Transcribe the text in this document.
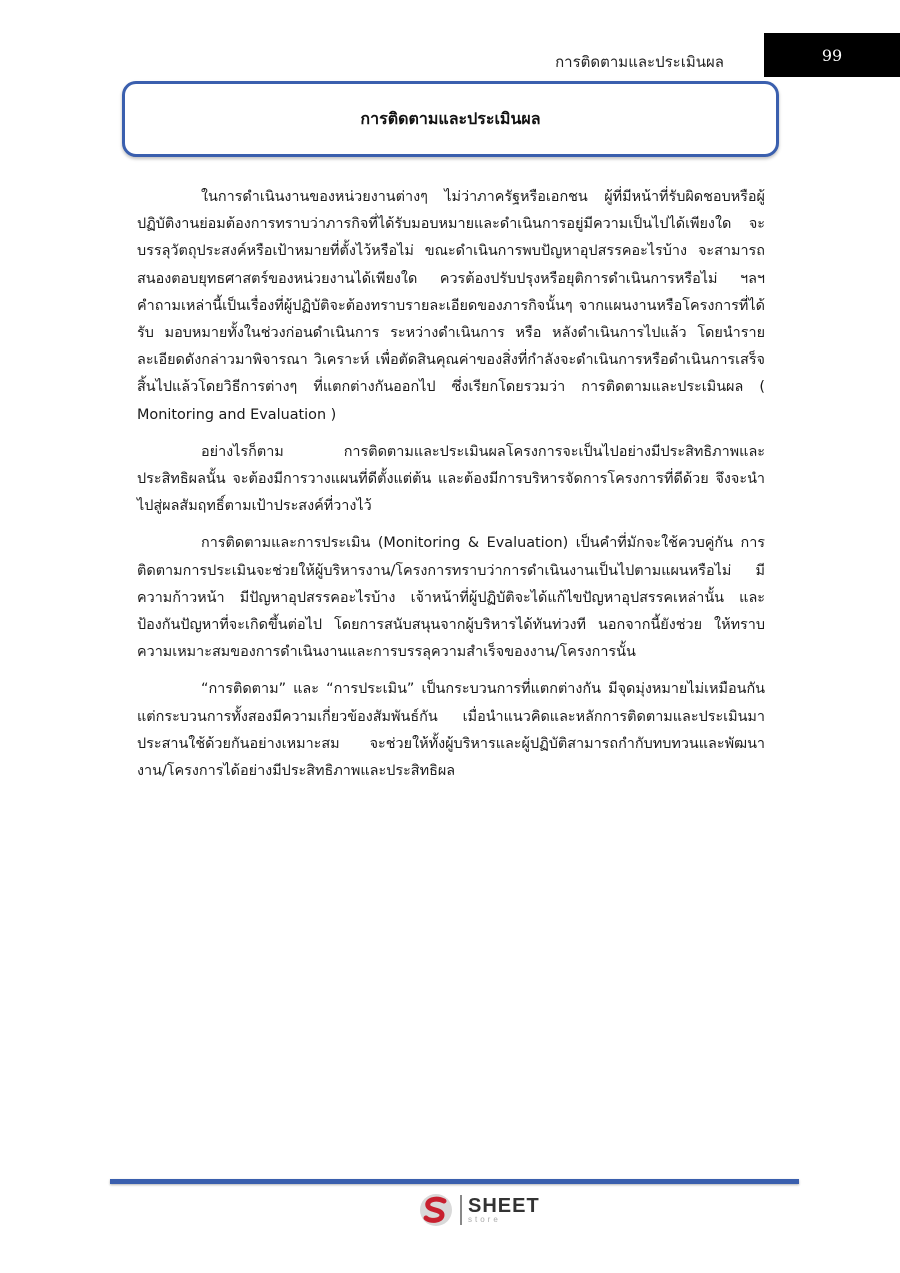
การติดตามและประเมินผล	99
การติดตามและประเมินผล

ในการดำเนินงานของหน่วยงานต่างๆ ไม่ว่าภาครัฐหรือเอกชน ผู้ที่มีหน้าที่รับผิดชอบหรือผู้ปฏิบัติงานย่อมต้องการทราบว่าภารกิจที่ได้รับมอบหมายและดำเนินการอยู่มีความเป็นไปได้เพียงใด จะบรรลุวัตถุประสงค์หรือเป้าหมายที่ตั้งไว้หรือไม่ ขณะดำเนินการพบปัญหาอุปสรรคอะไรบ้าง จะสามารถสนองตอบยุทธศาสตร์ของหน่วยงานได้เพียงใด ควรต้องปรับปรุงหรือยุติการดำเนินการหรือไม่ ฯลฯ คำถามเหล่านี้เป็นเรื่องที่ผู้ปฏิบัติจะต้องทราบรายละเอียดของภารกิจนั้นๆ จากแผนงานหรือโครงการที่ได้รับ มอบหมายทั้งในช่วงก่อนดำเนินการ ระหว่างดำเนินการ หรือ หลังดำเนินการไปแล้ว โดยนำรายละเอียดดังกล่าวมาพิจารณา วิเคราะห์ เพื่อตัดสินคุณค่าของสิ่งที่กำลังจะดำเนินการหรือดำเนินการเสร็จสิ้นไปแล้วโดยวิธีการต่างๆ ที่แตกต่างกันออกไป ซึ่งเรียกโดยรวมว่า การติดตามและประเมินผล ( Monitoring and Evaluation )

อย่างไรก็ตาม การติดตามและประเมินผลโครงการจะเป็นไปอย่างมีประสิทธิภาพและประสิทธิผลนั้น จะต้องมีการวางแผนที่ดีตั้งแต่ต้น และต้องมีการบริหารจัดการโครงการที่ดีด้วย จึงจะนำไปสู่ผลสัมฤทธิ์ตามเป้าประสงค์ที่วางไว้

การติดตามและการประเมิน (Monitoring & Evaluation) เป็นคำที่มักจะใช้ควบคู่กัน การติดตามการประเมินจะช่วยให้ผู้บริหารงาน/โครงการทราบว่าการดำเนินงานเป็นไปตามแผนหรือไม่ มีความก้าวหน้า มีปัญหาอุปสรรคอะไรบ้าง เจ้าหน้าที่ผู้ปฏิบัติจะได้แก้ไขปัญหาอุปสรรคเหล่านั้น และป้องกันปัญหาที่จะเกิดขึ้นต่อไป โดยการสนับสนุนจากผู้บริหารได้ทันท่วงที นอกจากนี้ยังช่วย ให้ทราบความเหมาะสมของการดำเนินงานและการบรรลุความสำเร็จของงาน/โครงการนั้น

“การติดตาม” และ “การประเมิน” เป็นกระบวนการที่แตกต่างกัน มีจุดมุ่งหมายไม่เหมือนกัน แต่กระบวนการทั้งสองมีความเกี่ยวข้องสัมพันธ์กัน เมื่อนำแนวคิดและหลักการติดตามและประเมินมาประสานใช้ด้วยกันอย่างเหมาะสม จะช่วยให้ทั้งผู้บริหารและผู้ปฏิบัติสามารถกำกับทบทวนและพัฒนางาน/โครงการได้อย่างมีประสิทธิภาพและประสิทธิผล

SHEET
store
